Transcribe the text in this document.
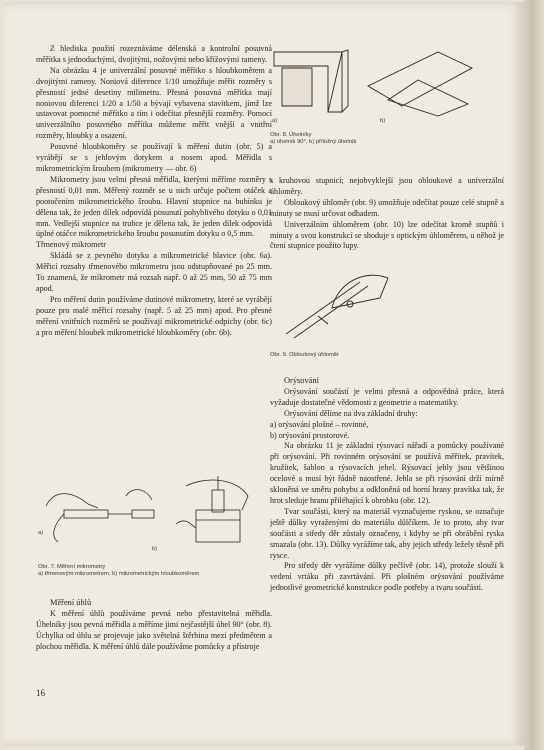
Z hlediska použití rozeznáváme délenská a kontrolní posuvná měřítka s jednoduchými, dvojitými, nožovými nebo křížovými rameny.

Na obrázku 4 je univerzální posuvné měřítko s hloubkoměrem a dvojitými rameny. Noniová diference 1/10 umožňuje měřit rozměry s přesností jedné desetiny milimetru. Přesná posuvná měřítka mají noniovou diferenci 1/20 a 1/50 a bývají vybavena stavítkem, jímž lze ustavovat pomocné měřítko a tím i odečítat přesnější rozměry. Pomocí univerzálního posuvného měřítka můžeme měřit vnější a vnitřní rozměry, hloubky a osazení.

Posuvné hloubkoměry se používají k měření dutin (obr. 5) a vyrábějí se s jehlovým dotykem a nosem apod. Měřidla s mikrometrickým šroubem (mikrometry — obr. 6)

Mikrometry jsou velmi přesná měřidla, kterými měříme rozměry s přesností 0,01 mm. Měřený rozměr se u nich určuje počtem otáček a pootočením mikrometrického šroubu. Hlavní stupnice na bubínku je dělena tak, že jeden dílek odpovídá posunutí pohyblivého dotyku o 0,01 mm. Vedlejší stupnice na trubce je dělena tak, že jeden dílek odpovídá úplné otáčce mikrometrického šroubu posunutím dotyku o 0,5 mm.

Třmenový mikrometr

Skládá se z pevného dotyku a mikrometrické hlavice (obr. 6a). Měřicí rozsahy třmenového mikrometru jsou odstupňované po 25 mm. To znamená, že mikrometr má rozsah např. 0 až 25 mm, 50 až 75 mm apod.

Pro měření dutin používáme dutinové mikrometry, které se vyrábějí pouze pro malé měřicí rozsahy (např. 5 až 25 mm) apod. Pro přesné měření vnitřních rozměrů se používají mikrometrické odpichy (obr. 6c) a pro měření hloubek mikrometrické hloubkoměry (obr. 6b).

a)
b)
Obr. 7. Měření mikrometry
a) třmenovým mikrometrem, b) mikrometrickým hloubkoměrem

Měření úhlů

K měření úhlů používáme pevná nebo přestavitelná měřidla. Úhelníky jsou pevná měřidla a měříme jimi nejčastější úhel 90° (obr. 8). Úchylka od úhlu se projevuje jako světelná štěrbina mezi předmětem a plochou měřidla. K měření úhlů dále používáme pomůcky a přístroje

16
a)	b)
Obr. 8. Úhelníky
a) úhelník 90°, b) příložný úhelník

s kruhovou stupnicí; nejobvyklejší jsou obloukové a univerzální úhloměry.

Obloukový úhloměr (obr. 9) umožňuje odečítat pouze celé stupně a minuty se musí určovat odhadem.

Univerzálním úhloměrem (obr. 10) lze odečítat kromě stupňů i minuty a svou konstrukcí se shoduje s optickým úhloměrem, u něhož je čtení stupnice použito lupy.

Obr. 9. Obloukový úhloměr

Orýsování

Orýsování součástí je velmi přesná a odpovědná práce, která vyžaduje dostatečné vědomosti z geometrie a matematiky.

Orýsování dělíme na dva základní druhy:

a) orýsování plošné – rovinné,

b) orýsování prostorové.

Na obrázku 11 je základní rýsovací nářadí a pomůcky používané při orýsování. Při rovinném orýsování se používá měřítek, pravítek, kružítek, šablon a rýsovacích jehel. Rýsovací jehly jsou většinou ocelové a musí být řádně naostřené. Jehla se při rýsování drží mírně skloněná ve směru pohybu a odkloněná od horní hrany pravítka tak, že hrot sleduje hranu přiléhající k obrobku (obr. 12).

Tvar součásti, který na materiál vyznačujeme ryskou, se označuje ještě důlky vyraženými do materiálu důlčíkem. Je to proto, aby tvar součásti a středy děr zůstaly označeny, i kdyby se při obrábění ryska smazala (obr. 13). Důlky vyrážíme tak, aby jejich středy ležely těsně při rysce.

Pro středy děr vyrážíme důlky pečlivě (obr. 14), protože slouží k vedení vrtáku při zavrtávání. Při plošném orýsování používáme jednotlivé geometrické konstrukce podle potřeby a tvaru součásti.
